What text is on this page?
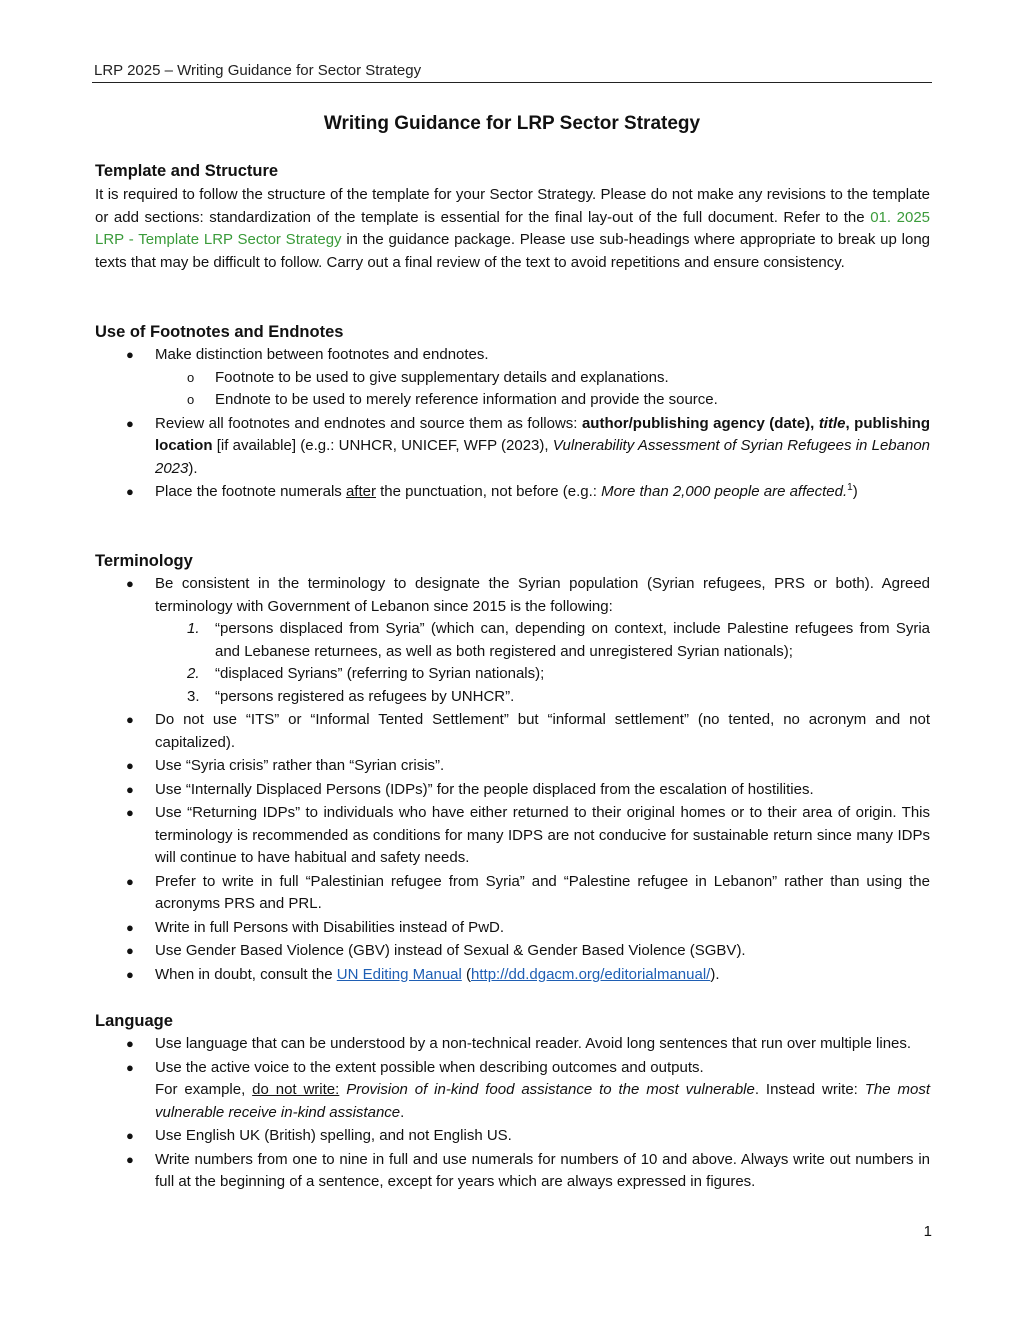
LRP 2025 – Writing Guidance for Sector Strategy
Writing Guidance for LRP Sector Strategy
Template and Structure

It is required to follow the structure of the template for your Sector Strategy. Please do not make any revisions to the template or add sections: standardization of the template is essential for the final lay-out of the full document. Refer to the 01. 2025 LRP - Template LRP Sector Strategy in the guidance package. Please use sub-headings where appropriate to break up long texts that may be difficult to follow. Carry out a final review of the text to avoid repetitions and ensure consistency.

Use of Footnotes and Endnotes
● Make distinction between footnotes and endnotes.
o Footnote to be used to give supplementary details and explanations.
o Endnote to be used to merely reference information and provide the source.
● Review all footnotes and endnotes and source them as follows: author/publishing agency (date), title, publishing location [if available] (e.g.: UNHCR, UNICEF, WFP (2023), Vulnerability Assessment of Syrian Refugees in Lebanon 2023).
● Place the footnote numerals after the punctuation, not before (e.g.: More than 2,000 people are affected.$^1$)
Terminology
● Be consistent in the terminology to designate the Syrian population (Syrian refugees, PRS or both). Agreed terminology with Government of Lebanon since 2015 is the following:
1. “persons displaced from Syria” (which can, depending on context, include Palestine refugees from Syria and Lebanese returnees, as well as both registered and unregistered Syrian nationals);
2. “displaced Syrians” (referring to Syrian nationals);
3. “persons registered as refugees by UNHCR”.
● Do not use “ITS” or “Informal Tented Settlement” but “informal settlement” (no tented, no acronym and not capitalized).
● Use “Syria crisis” rather than “Syrian crisis”.
● Use “Internally Displaced Persons (IDPs)” for the people displaced from the escalation of hostilities.
● Use “Returning IDPs” to individuals who have either returned to their original homes or to their area of origin. This terminology is recommended as conditions for many IDPS are not conducive for sustainable return since many IDPs will continue to have habitual and safety needs.
● Prefer to write in full “Palestinian refugee from Syria” and “Palestine refugee in Lebanon” rather than using the acronyms PRS and PRL.
● Write in full Persons with Disabilities instead of PwD.
● Use Gender Based Violence (GBV) instead of Sexual & Gender Based Violence (SGBV).
● When in doubt, consult the UN Editing Manual (http://dd.dgacm.org/editorialmanual/).
Language
● Use language that can be understood by a non-technical reader. Avoid long sentences that run over multiple lines.
● Use the active voice to the extent possible when describing outcomes and outputs.
For example, do not write: Provision of in-kind food assistance to the most vulnerable. Instead write: The most vulnerable receive in-kind assistance.
● Use English UK (British) spelling, and not English US.
● Write numbers from one to nine in full and use numerals for numbers of 10 and above. Always write out numbers in full at the beginning of a sentence, except for years which are always expressed in figures.
1
